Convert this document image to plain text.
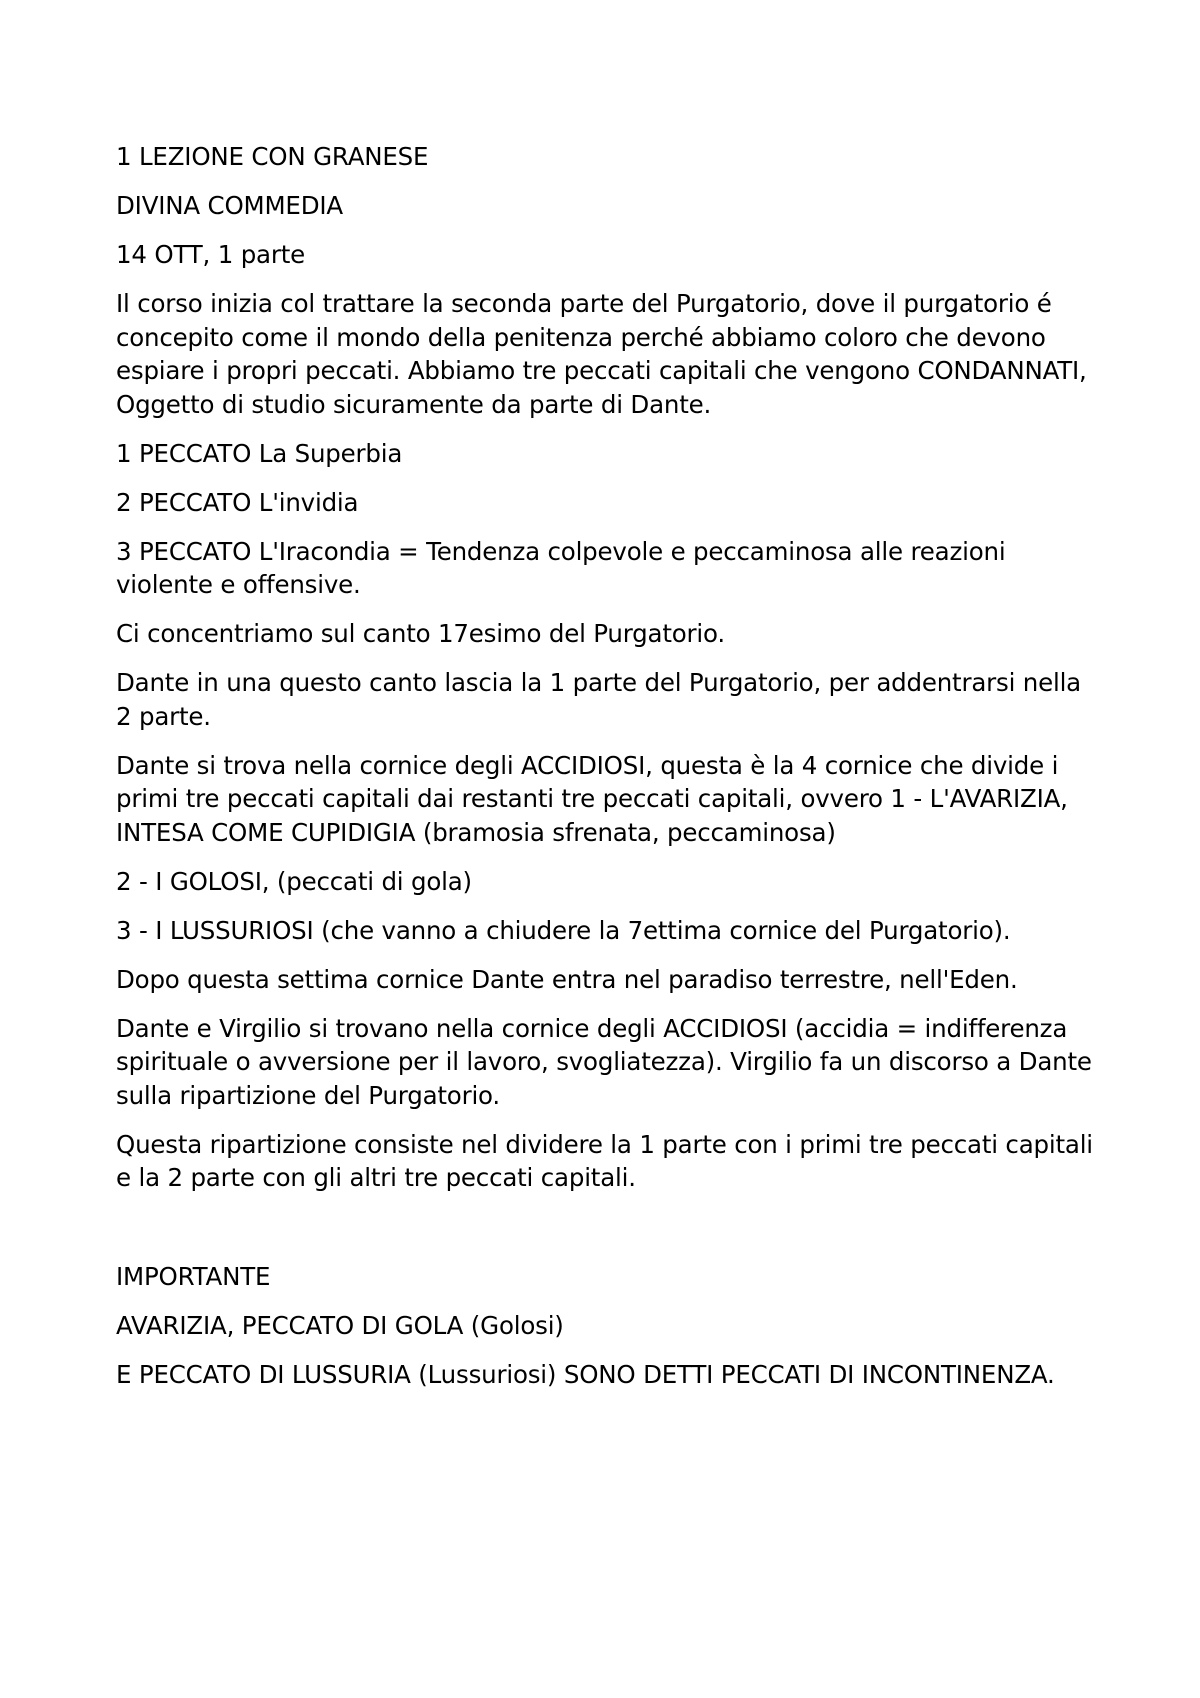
1 LEZIONE CON GRANESE

DIVINA COMMEDIA

14 OTT, 1 parte

Il corso inizia col trattare la seconda parte del Purgatorio, dove il purgatorio é concepito come il mondo della penitenza perché abbiamo coloro che devono espiare i propri peccati. Abbiamo tre peccati capitali che vengono CONDANNATI, Oggetto di studio sicuramente da parte di Dante.

1 PECCATO La Superbia

2 PECCATO L'invidia

3 PECCATO L'Iracondia = Tendenza colpevole e peccaminosa alle reazioni violente e offensive.

Ci concentriamo sul canto 17esimo del Purgatorio.

Dante in una questo canto lascia la 1 parte del Purgatorio, per addentrarsi nella 2 parte.

Dante si trova nella cornice degli ACCIDIOSI, questa è la 4 cornice che divide i primi tre peccati capitali dai restanti tre peccati capitali, ovvero 1 - L'AVARIZIA, INTESA COME CUPIDIGIA (bramosia sfrenata, peccaminosa)

2 - I GOLOSI, (peccati di gola)

3 - I LUSSURIOSI (che vanno a chiudere la 7ettima cornice del Purgatorio).

Dopo questa settima cornice Dante entra nel paradiso terrestre, nell'Eden.

Dante e Virgilio si trovano nella cornice degli ACCIDIOSI (accidia = indifferenza spirituale o avversione per il lavoro, svogliatezza). Virgilio fa un discorso a Dante sulla ripartizione del Purgatorio.

Questa ripartizione consiste nel dividere la 1 parte con i primi tre peccati capitali e la 2 parte con gli altri tre peccati capitali.

IMPORTANTE

AVARIZIA, PECCATO DI GOLA (Golosi)

E PECCATO DI LUSSURIA (Lussuriosi) SONO DETTI PECCATI DI INCONTINENZA.
